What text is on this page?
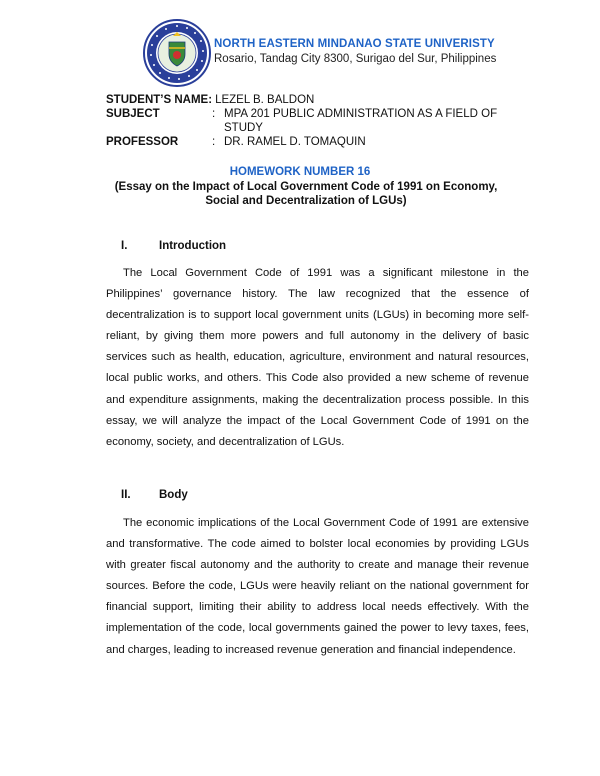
NORTH EASTERN MINDANAO STATE UNIVERISTY
Rosario, Tandag City 8300, Surigao del Sur, Philippines
STUDENT’S NAME: LEZEL B. BALDON
SUBJECT	: MPA 201 PUBLIC ADMINISTRATION AS A FIELD OF STUDY
PROFESSOR	: DR. RAMEL D. TOMAQUIN
HOMEWORK NUMBER 16
(Essay on the Impact of Local Government Code of 1991 on Economy, Social and Decentralization of LGUs)
I.	Introduction
The Local Government Code of 1991 was a significant milestone in the Philippines’ governance history. The law recognized that the essence of decentralization is to support local government units (LGUs) in becoming more self-reliant, by giving them more powers and full autonomy in the delivery of basic services such as health, education, agriculture, environment and natural resources, local public works, and others. This Code also provided a new scheme of revenue and expenditure assignments, making the decentralization process possible. In this essay, we will analyze the impact of the Local Government Code of 1991 on the economy, society, and decentralization of LGUs.
II. Body
The economic implications of the Local Government Code of 1991 are extensive and transformative. The code aimed to bolster local economies by providing LGUs with greater fiscal autonomy and the authority to create and manage their revenue sources. Before the code, LGUs were heavily reliant on the national government for financial support, limiting their ability to address local needs effectively. With the implementation of the code, local governments gained the power to levy taxes, fees, and charges, leading to increased revenue generation and financial independence.
